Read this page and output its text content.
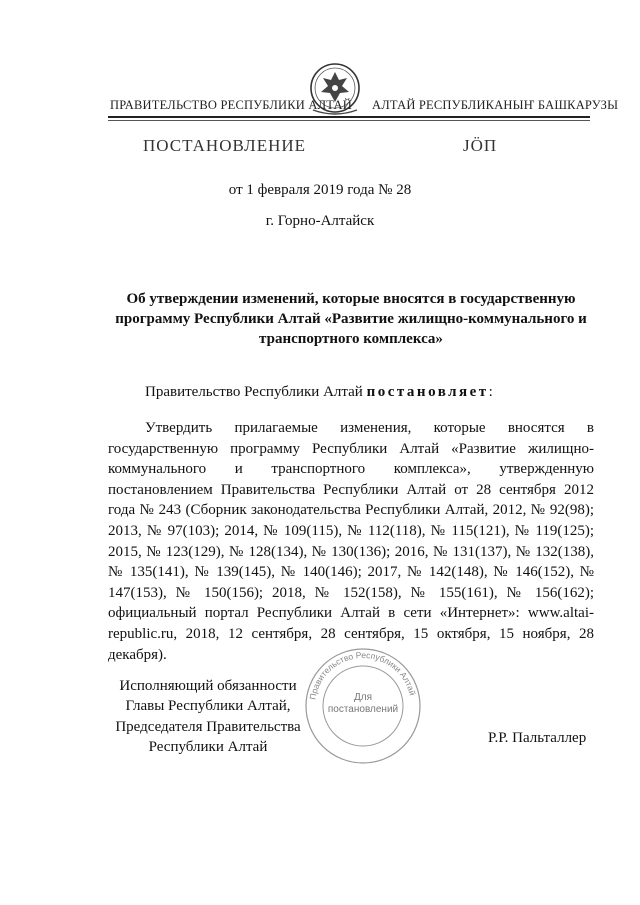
ПРАВИТЕЛЬСТВО РЕСПУБЛИКИ АЛТАЙ АЛТАЙ РЕСПУБЛИКАНЫҤ БАШКАРУЗЫ
ПОСТАНОВЛЕНИЕ	ЈӦП
от 1 февраля 2019 года № 28
г. Горно-Алтайск
Об утверждении изменений, которые вносятся в государственную программу Республики Алтай «Развитие жилищно-коммунального и транспортного комплекса»
Правительство Республики Алтай постановляет:

Утвердить прилагаемые изменения, которые вносятся в государственную программу Республики Алтай «Развитие жилищно-коммунального и транспортного комплекса», утвержденную постановлением Правительства Республики Алтай от 28 сентября 2012 года № 243 (Сборник законодательства Республики Алтай, 2012, № 92(98); 2013, № 97(103); 2014, № 109(115), № 112(118), № 115(121), № 119(125); 2015, № 123(129), № 128(134), № 130(136); 2016, № 131(137), № 132(138), № 135(141), № 139(145), № 140(146); 2017, № 142(148), № 146(152), № 147(153), № 150(156); 2018, № 152(158), № 155(161), № 156(162); официальный портал Республики Алтай в сети «Интернет»: www.altai-republic.ru, 2018, 12 сентября, 28 сентября, 15 октября, 15 ноября, 28 декабря).

Исполняющий обязанности
Главы Республики Алтай,
Председателя Правительства
Республики Алтай
Р.Р. Пальталлер
Правительство Республики Алтай
Для
постановлений
